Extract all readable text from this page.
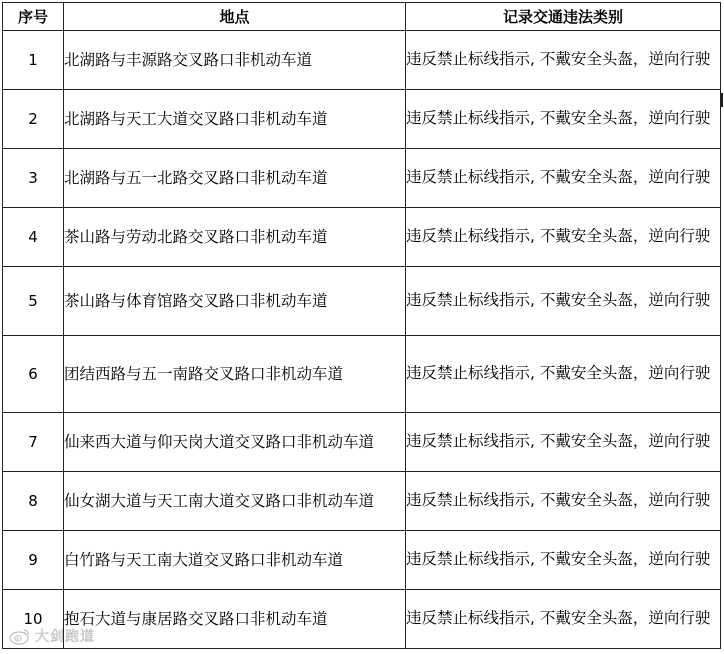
序号	地点	记录交通违法类别
1	北湖路与丰源路交叉路口非机动车道	违反禁止标线指示, 不戴安全头盔，逆向行驶
2	北湖路与天工大道交叉路口非机动车道	违反禁止标线指示, 不戴安全头盔，逆向行驶
3	北湖路与五一北路交叉路口非机动车道	违反禁止标线指示, 不戴安全头盔，逆向行驶
4	茶山路与劳动北路交叉路口非机动车道	违反禁止标线指示, 不戴安全头盔，逆向行驶
5	茶山路与体育馆路交叉路口非机动车道	违反禁止标线指示, 不戴安全头盔，逆向行驶
6	团结西路与五一南路交叉路口非机动车道	违反禁止标线指示, 不戴安全头盔，逆向行驶
7	仙来西大道与仰天岗大道交叉路口非机动车道	违反禁止标线指示, 不戴安全头盔，逆向行驶
8	仙女湖大道与天工南大道交叉路口非机动车道	违反禁止标线指示, 不戴安全头盔，逆向行驶
9	白竹路与天工南大道交叉路口非机动车道	违反禁止标线指示, 不戴安全头盔，逆向行驶
10	抱石大道与康居路交叉路口非机动车道	违反禁止标线指示, 不戴安全头盔，逆向行驶
大剑跑道
